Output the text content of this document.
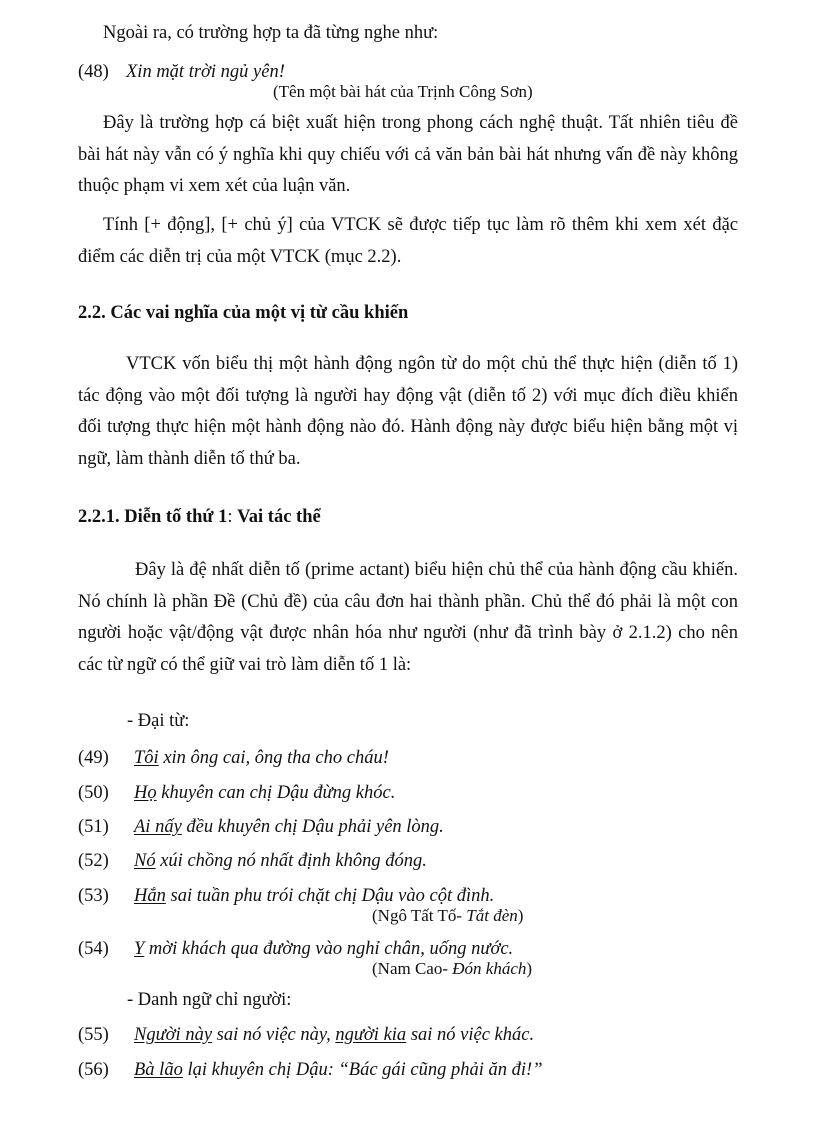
Ngoài ra, có trường hợp ta đã từng nghe như:
(48) Xin mặt trời ngủ yên!
(Tên một bài hát của Trịnh Công Sơn)
Đây là trường hợp cá biệt xuất hiện trong phong cách nghệ thuật. Tất nhiên tiêu đề bài hát này vẫn có ý nghĩa khi quy chiếu với cả văn bản bài hát nhưng vấn đề này không thuộc phạm vi xem xét của luận văn.
Tính [+ động], [+ chủ ý] của VTCK sẽ được tiếp tục làm rõ thêm khi xem xét đặc điểm các diễn trị của một VTCK (mục 2.2).
2.2. Các vai nghĩa của một vị từ cầu khiến
VTCK vốn biểu thị một hành động ngôn từ do một chủ thể thực hiện (diễn tố 1) tác động vào một đối tượng là người hay động vật (diễn tố 2) với mục đích điều khiển đối tượng thực hiện một hành động nào đó. Hành động này được biểu hiện bằng một vị ngữ, làm thành diễn tố thứ ba.
2.2.1. Diễn tố thứ 1: Vai tác thể
Đây là đệ nhất diễn tố (prime actant) biểu hiện chủ thể của hành động cầu khiến. Nó chính là phần Đề (Chủ đề) của câu đơn hai thành phần. Chủ thể đó phải là một con người hoặc vật/động vật được nhân hóa như người (như đã trình bày ở 2.1.2) cho nên các từ ngữ có thể giữ vai trò làm diễn tố 1 là:
- Đại từ:
(49) Tôi xin ông cai, ông tha cho cháu!
(50) Họ khuyên can chị Dậu đừng khóc.
(51) Ai nấy đều khuyên chị Dậu phải yên lòng.
(52) Nó xúi chồng nó nhất định không đóng.
(53) Hắn sai tuần phu trói chặt chị Dậu vào cột đình.
(Ngô Tất Tố- Tắt đèn)
(54) Y mời khách qua đường vào nghỉ chân, uống nước.
(Nam Cao- Đón khách)
- Danh ngữ chỉ người:
(55) Người này sai nó việc này, người kia sai nó việc khác.
(56) Bà lão lại khuyên chị Dậu: “Bác gái cũng phải ăn đi!”
